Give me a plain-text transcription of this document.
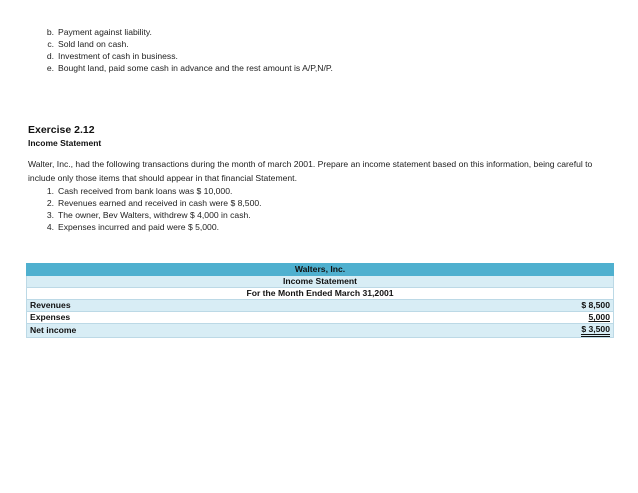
b. Payment against liability.
c. Sold land on cash.
d. Investment of cash in business.
e. Bought land, paid some cash in advance and the rest amount is A/P,N/P.
Exercise 2.12
Income Statement
Walter, Inc., had the following transactions during the month of march 2001. Prepare an income statement based on this information, being careful to include only those items that should appear in that financial Statement.
1. Cash received from bank loans was $ 10,000.
2. Revenues earned and received in cash were $ 8,500.
3. The owner, Bev Walters, withdrew $ 4,000 in cash.
4. Expenses incurred and paid were $ 5,000.
Walters, Inc.	
Income Statement	
For the Month Ended March 31,2001	
Revenues	$ 8,500
Expenses	5,000
Net income	$ 3,500
